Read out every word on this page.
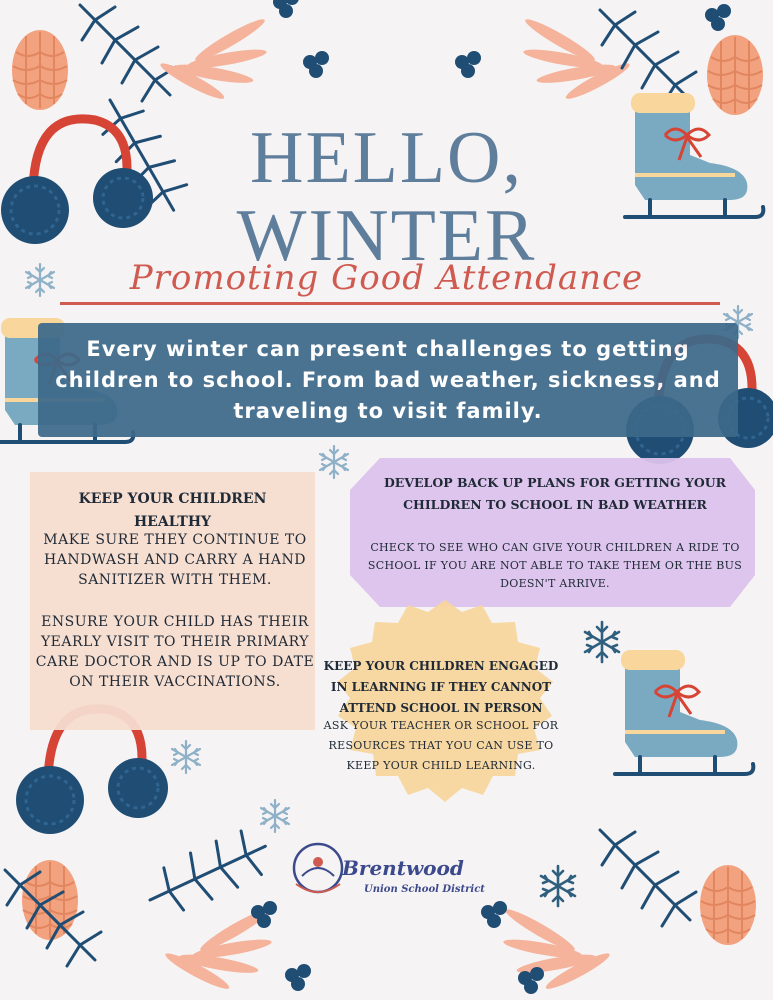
HELLO,
WINTER
Promoting Good Attendance

Every winter can present challenges to getting children to school. From bad weather, sickness, and traveling to visit family.

KEEP YOUR CHILDREN HEALTHY
MAKE SURE THEY CONTINUE TO HANDWASH AND CARRY A HAND SANITIZER WITH THEM.
ENSURE YOUR CHILD HAS THEIR YEARLY VISIT TO THEIR PRIMARY CARE DOCTOR AND IS UP TO DATE ON THEIR VACCINATIONS.
DEVELOP BACK UP PLANS FOR GETTING YOUR CHILDREN TO SCHOOL IN BAD WEATHER
CHECK TO SEE WHO CAN GIVE YOUR CHILDREN A RIDE TO SCHOOL IF YOU ARE NOT ABLE TO TAKE THEM OR THE BUS DOESN'T ARRIVE.
KEEP YOUR CHILDREN ENGAGED IN LEARNING IF THEY CANNOT ATTEND SCHOOL IN PERSON
ASK YOUR TEACHER OR SCHOOL FOR RESOURCES THAT YOU CAN USE TO KEEP YOUR CHILD LEARNING.
Brentwood
Union School District
